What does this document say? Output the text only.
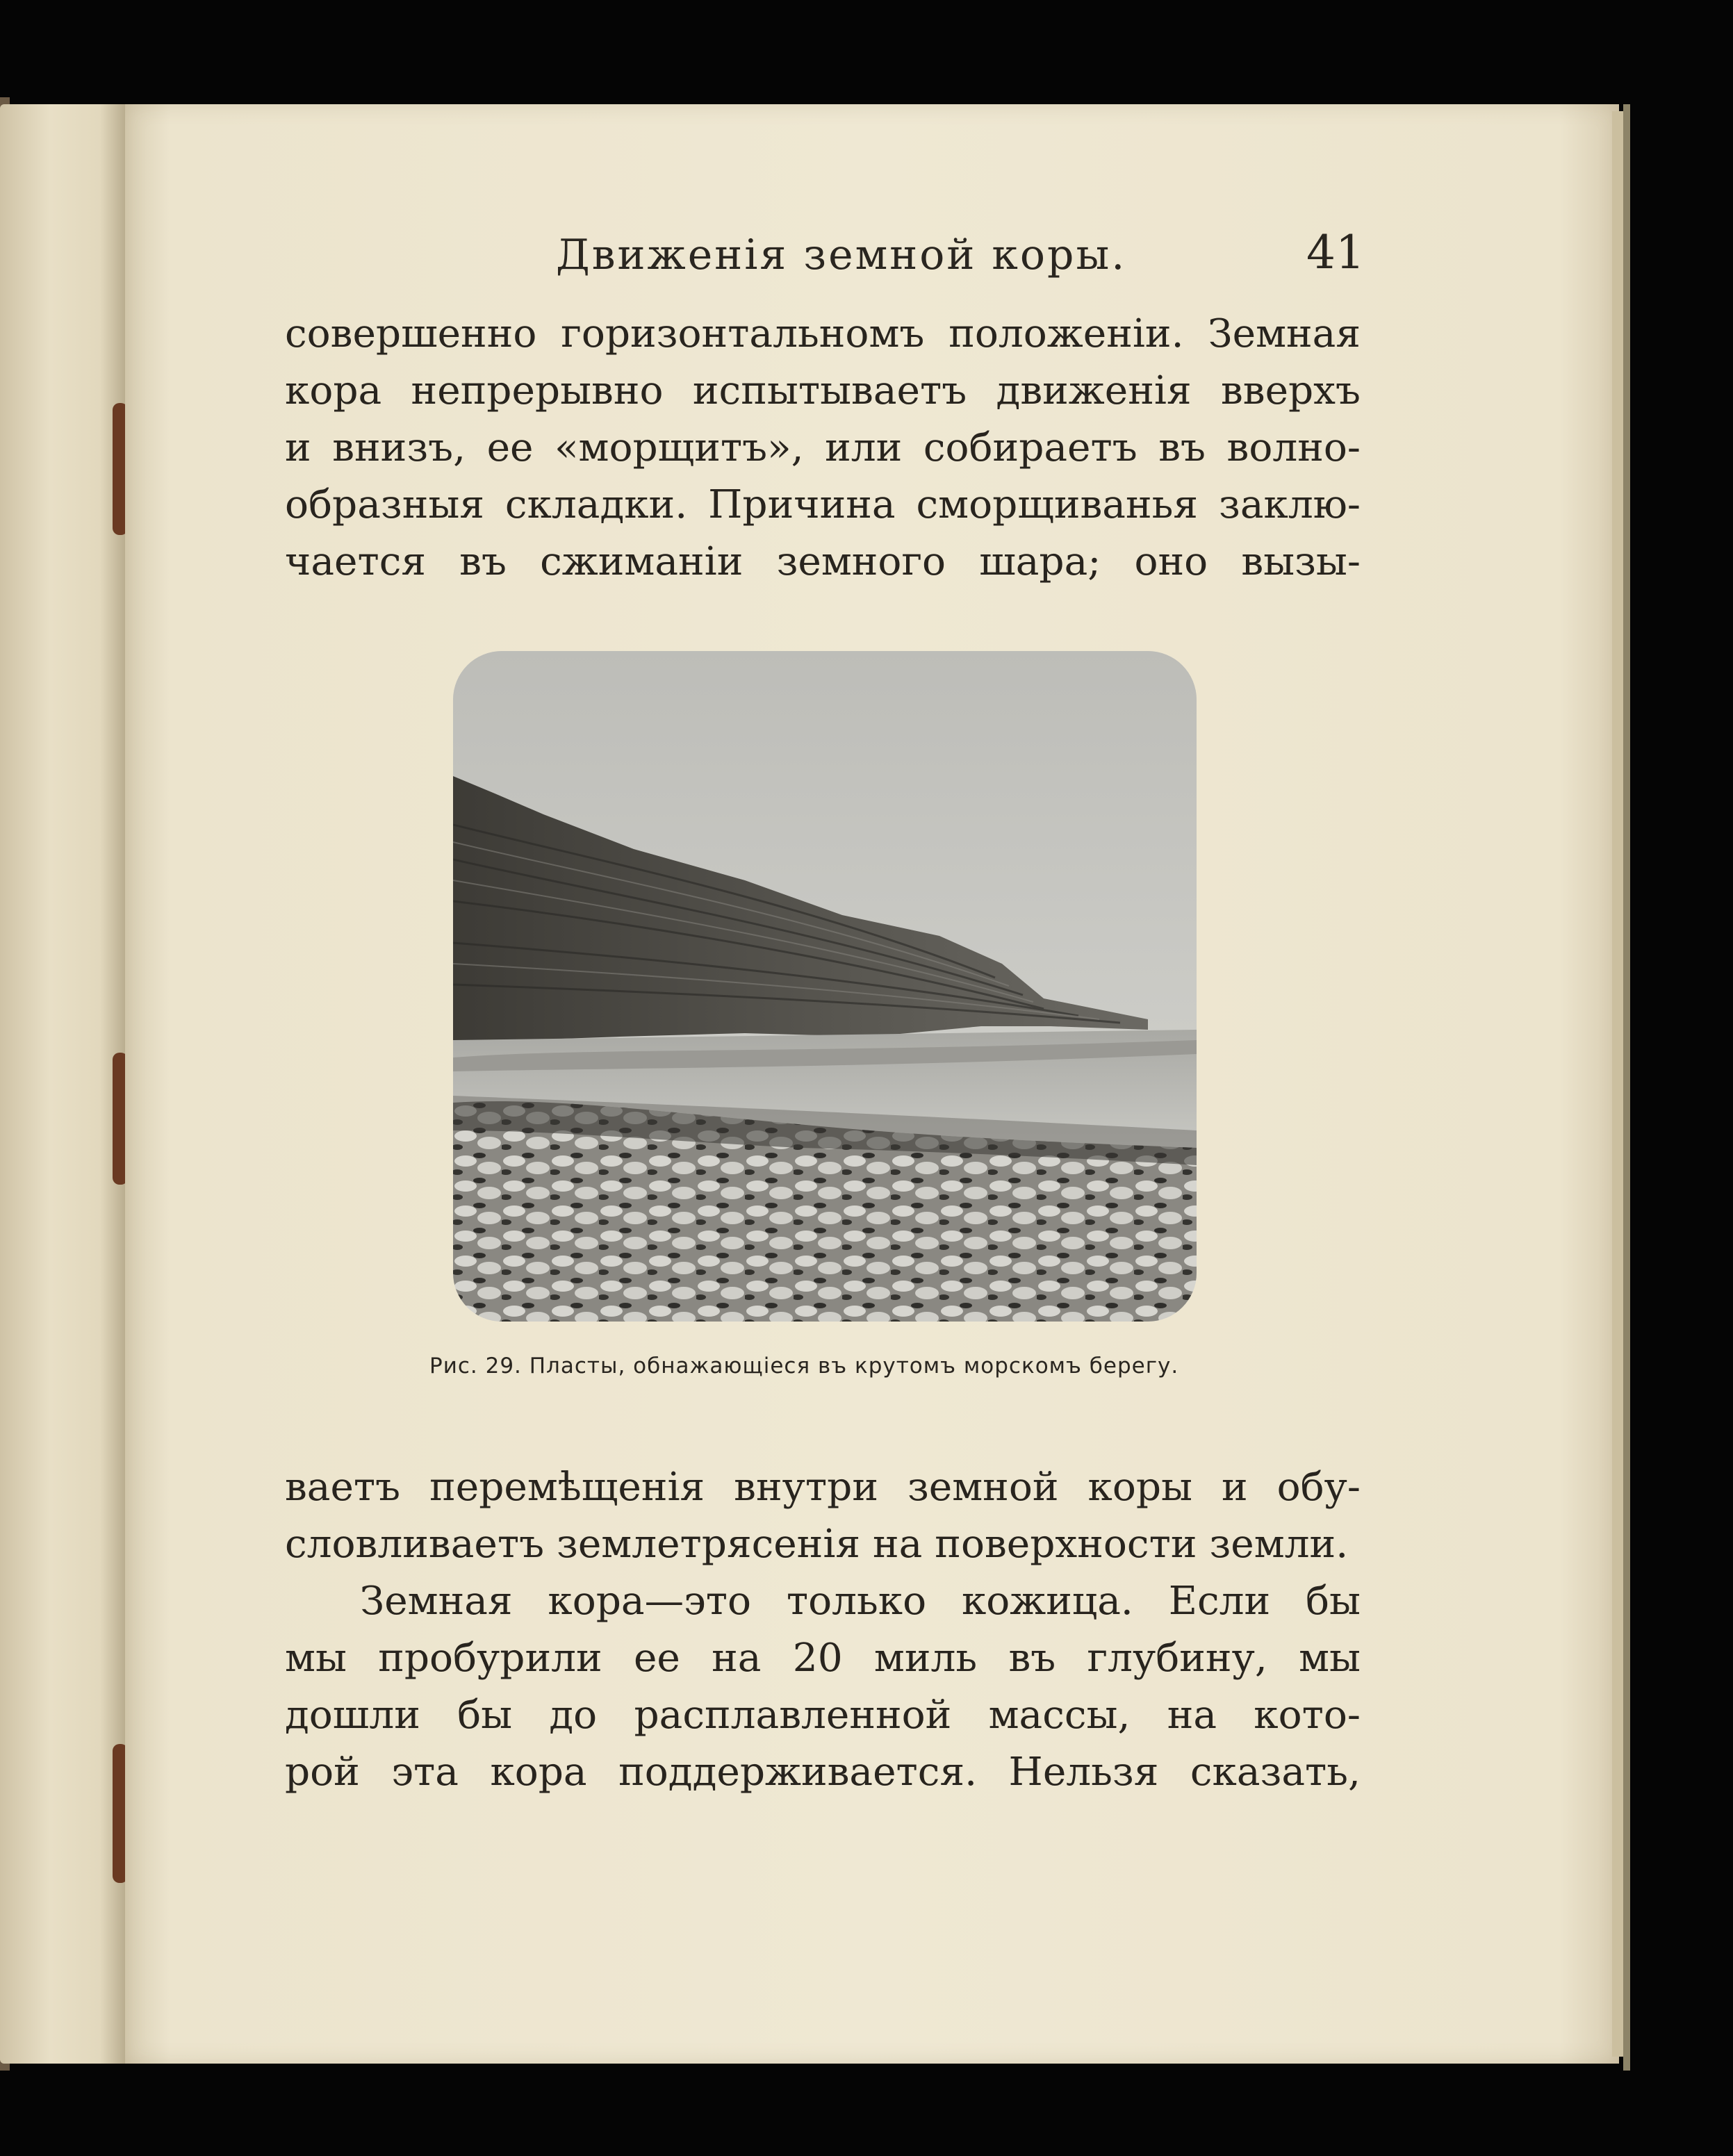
Движенія земной коры.	41
совершенно горизонтальномъ положеніи. Земная
кора непрерывно испытываетъ движенія вверхъ
и внизъ, ее «морщитъ», или собираетъ въ волно-
образныя складки. Причина сморщиванья заклю-
чается въ сжиманіи земного шара; оно вызы-
Рис. 29. Пласты, обнажающіеся въ крутомъ морскомъ берегу.
ваетъ перемѣщенія внутри земной коры и обу-
словливаетъ землетрясенія на поверхности земли.
Земная кора—это только кожица. Если бы
мы пробурили ее на 20 миль въ глубину, мы
дошли бы до расплавленной массы, на кото-
рой эта кора поддерживается. Нельзя сказать,
